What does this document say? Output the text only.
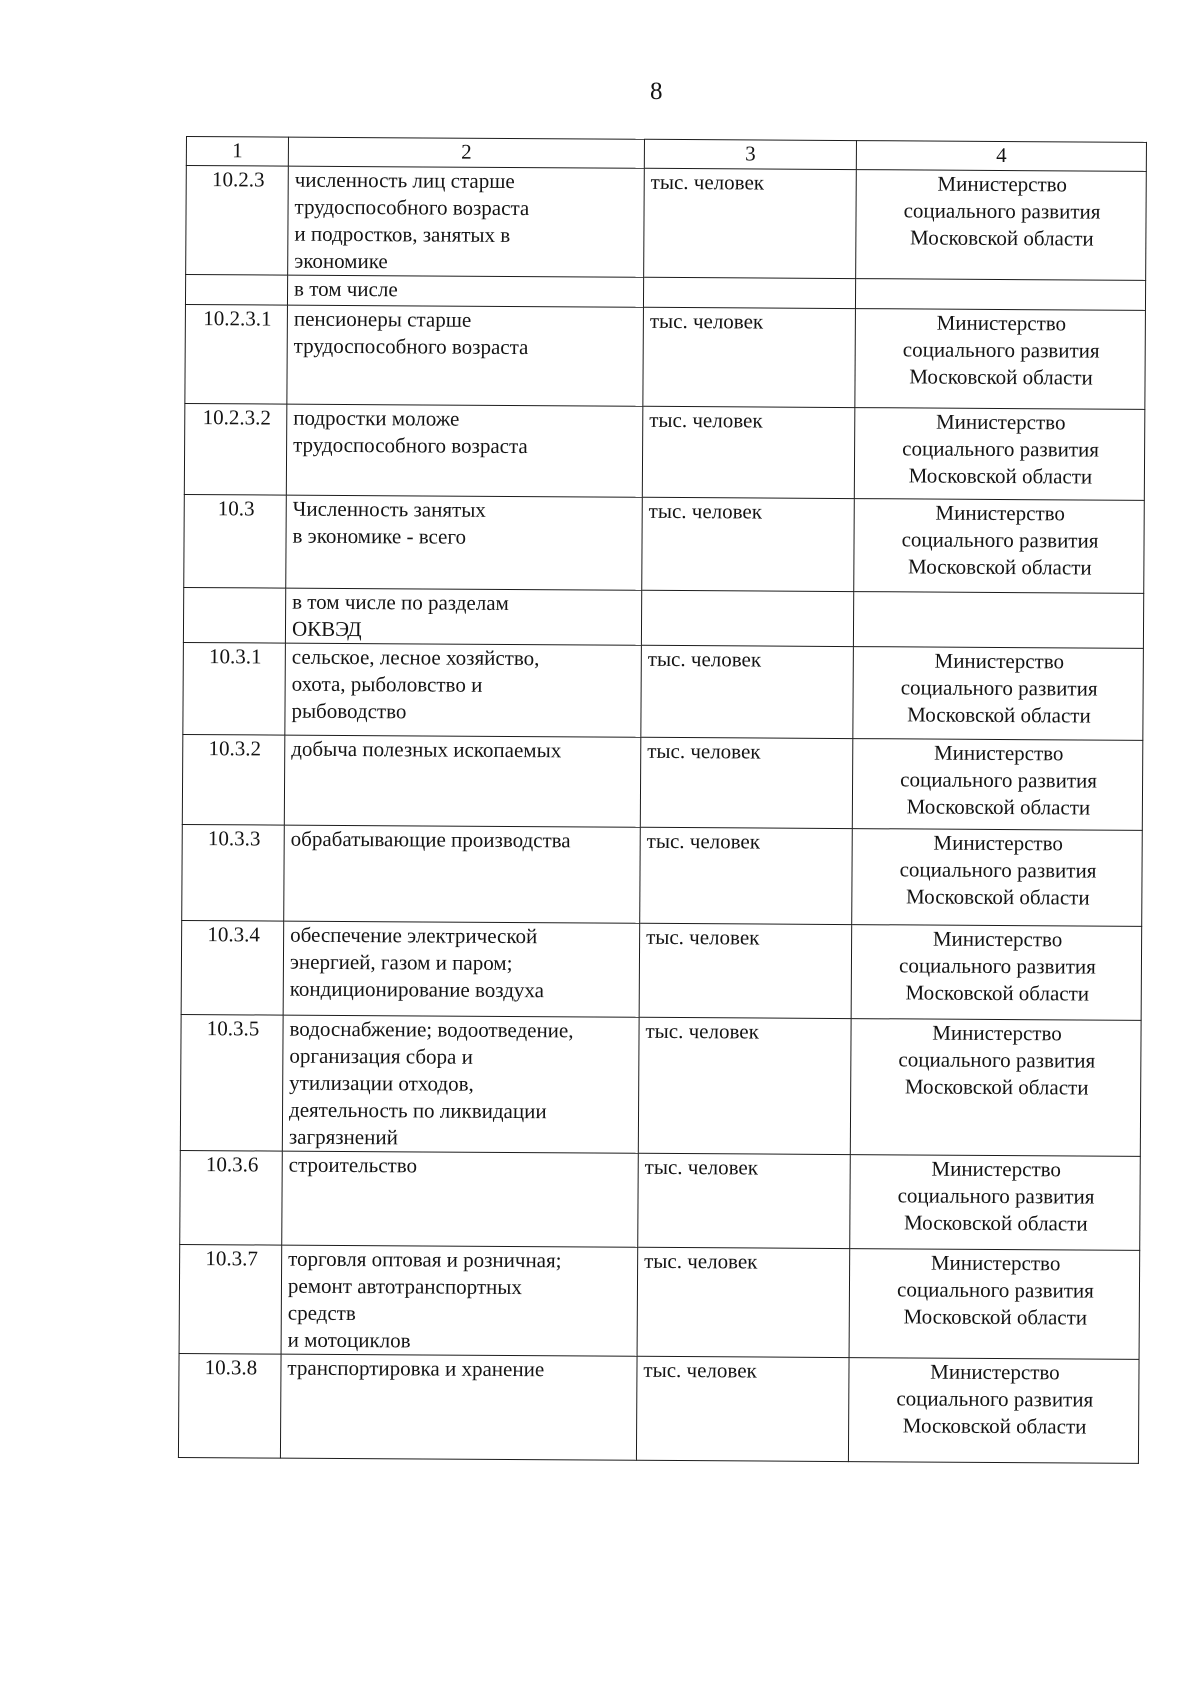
8
1	2	3	4
10.2.3	численность лиц старше
трудоспособного возраста
и подростков, занятых в
экономике	тыс. человек	Министерство
социального развития
Московской области
	в том числе		
10.2.3.1	пенсионеры старше
трудоспособного возраста	тыс. человек	Министерство
социального развития
Московской области
10.2.3.2	подростки моложе
трудоспособного возраста	тыс. человек	Министерство
социального развития
Московской области
10.3	Численность занятых
в экономике - всего	тыс. человек	Министерство
социального развития
Московской области
	в том числе по разделам
ОКВЭД		
10.3.1	сельское, лесное хозяйство,
охота, рыболовство и
рыбоводство	тыс. человек	Министерство
социального развития
Московской области
10.3.2	добыча полезных ископаемых	тыс. человек	Министерство
социального развития
Московской области
10.3.3	обрабатывающие производства	тыс. человек	Министерство
социального развития
Московской области
10.3.4	обеспечение электрической
энергией, газом и паром;
кондиционирование воздуха	тыс. человек	Министерство
социального развития
Московской области
10.3.5	водоснабжение; водоотведение,
организация сбора и
утилизации отходов,
деятельность по ликвидации
загрязнений	тыс. человек	Министерство
социального развития
Московской области
10.3.6	строительство	тыс. человек	Министерство
социального развития
Московской области
10.3.7	торговля оптовая и розничная;
ремонт автотранспортных
средств
и мотоциклов	тыс. человек	Министерство
социального развития
Московской области
10.3.8	транспортировка и хранение	тыс. человек	Министерство
социального развития
Московской области
